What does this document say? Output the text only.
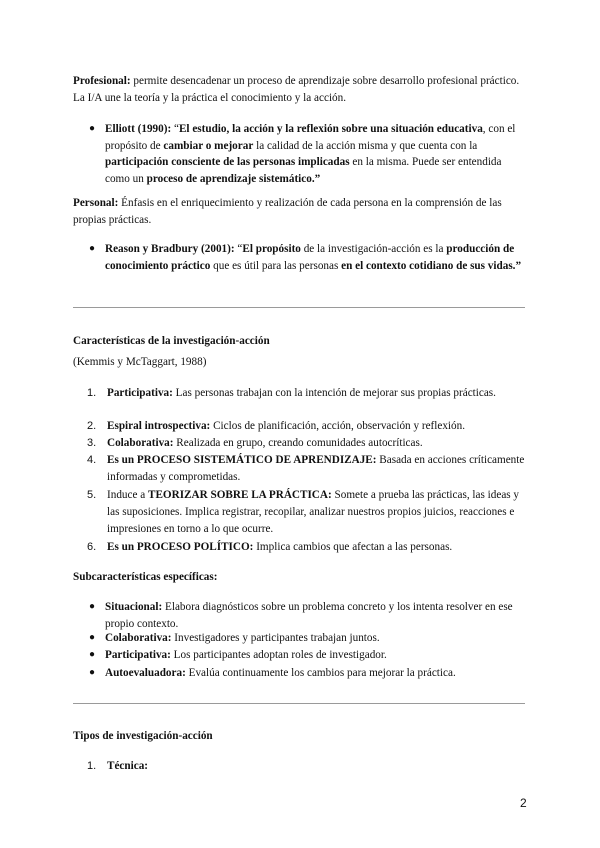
Profesional: permite desencadenar un proceso de aprendizaje sobre desarrollo profesional práctico. La I/A une la teoría y la práctica el conocimiento y la acción.
● Elliott (1990): “El estudio, la acción y la reflexión sobre una situación educativa, con el propósito de cambiar o mejorar la calidad de la acción misma y que cuenta con la participación consciente de las personas implicadas en la misma. Puede ser entendida como un proceso de aprendizaje sistemático.”
Personal: Énfasis en el enriquecimiento y realización de cada persona en la comprensión de las propias prácticas.
● Reason y Bradbury (2001): “El propósito de la investigación-acción es la producción de conocimiento práctico que es útil para las personas en el contexto cotidiano de sus vidas.”
Características de la investigación-acción
(Kemmis y McTaggart, 1988)
1. Participativa: Las personas trabajan con la intención de mejorar sus propias prácticas.
2. Espiral introspectiva: Ciclos de planificación, acción, observación y reflexión.
3. Colaborativa: Realizada en grupo, creando comunidades autocríticas.
4. Es un PROCESO SISTEMÁTICO DE APRENDIZAJE: Basada en acciones críticamente informadas y comprometidas.
5. Induce a TEORIZAR SOBRE LA PRÁCTICA: Somete a prueba las prácticas, las ideas y las suposiciones. Implica registrar, recopilar, analizar nuestros propios juicios, reacciones e impresiones en torno a lo que ocurre.
6. Es un PROCESO POLÍTICO: Implica cambios que afectan a las personas.
Subcaracterísticas específicas:
● Situacional: Elabora diagnósticos sobre un problema concreto y los intenta resolver en ese propio contexto.
● Colaborativa: Investigadores y participantes trabajan juntos.
● Participativa: Los participantes adoptan roles de investigador.
● Autoevaluadora: Evalúa continuamente los cambios para mejorar la práctica.
Tipos de investigación-acción
1. Técnica:
2
